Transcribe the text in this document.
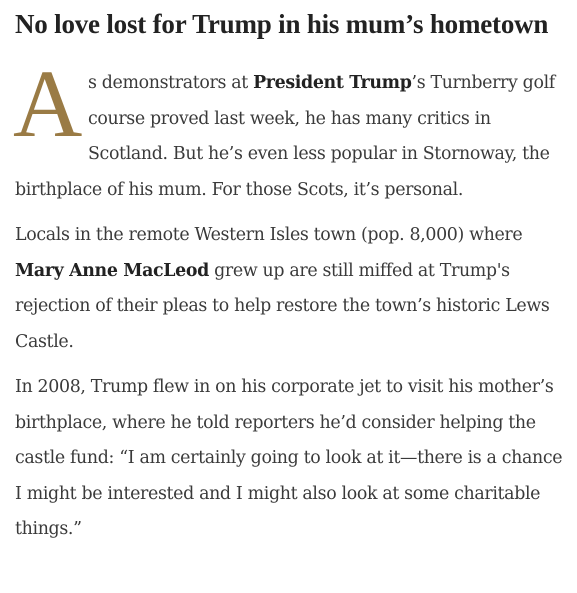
No love lost for Trump in his mum’s hometown

As demonstrators at President Trump’s Turnberry golf course proved last week, he has many critics in Scotland. But he’s even less popular in Stornoway, the birthplace of his mum. For those Scots, it’s personal.

Locals in the remote Western Isles town (pop. 8,000) where Mary Anne MacLeod grew up are still miffed at Trump's rejection of their pleas to help restore the town’s historic Lews Castle.

In 2008, Trump flew in on his corporate jet to visit his mother’s birthplace, where he told reporters he’d consider helping the castle fund: “I am certainly going to look at it—there is a chance I might be interested and I might also look at some charitable things.”
